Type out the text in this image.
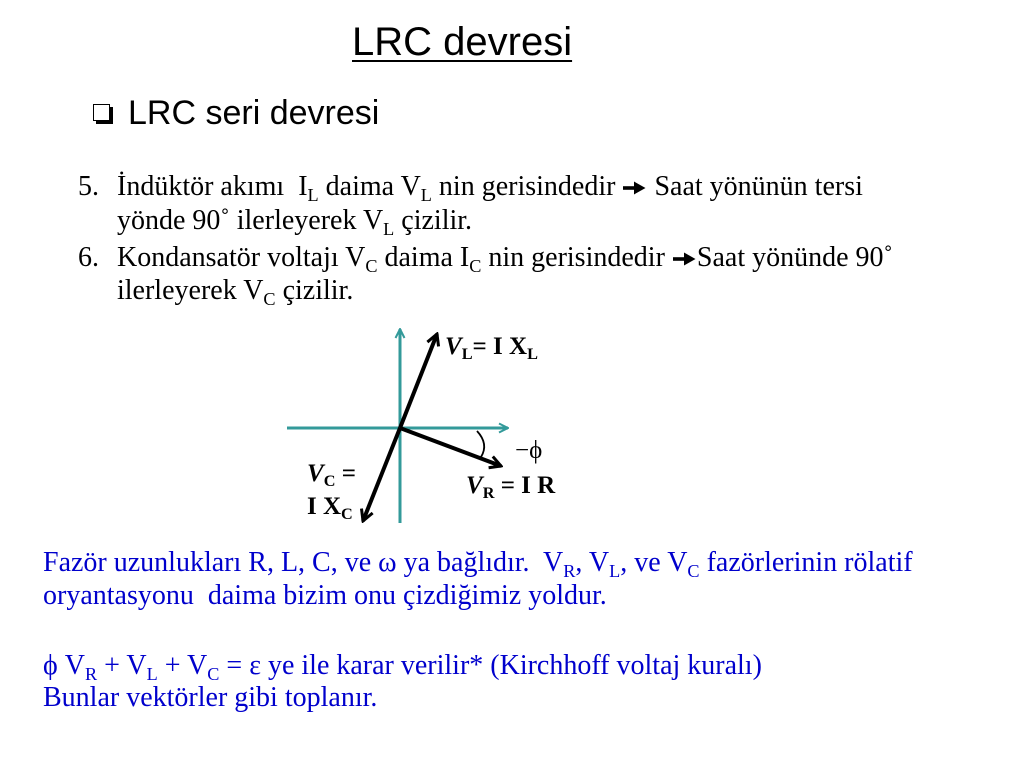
LRC devresi
LRC seri devresi
5. İndüktör akımı  $I_L$ daima $V_L$ nin gerisindedir  Saat yönünün tersi
yönde 90˚ ilerleyerek $V_L$ çizilir.
6. Kondansatör voltajı $V_C$ daima $I_C$ nin gerisindedir Saat yönünde 90˚
ilerleyerek $V_C$ çizilir.
$V_L= I$ $X_L$
−ϕ
$V_R = I$ R
$V_C$ =
I $X_C$
Fazör uzunlukları R, L, C, ve ω ya bağlıdır.  $V_R$, $V_L$, ve $V_C$ fazörlerinin rölatif
oryantasyonu  daima bizim onu çizdiğimiz yoldur.
ϕ $V_R + V_L + V_C = \varepsilon$ ye ile karar verilir* (Kirchhoff voltaj kuralı)
Bunlar vektörler gibi toplanır.
